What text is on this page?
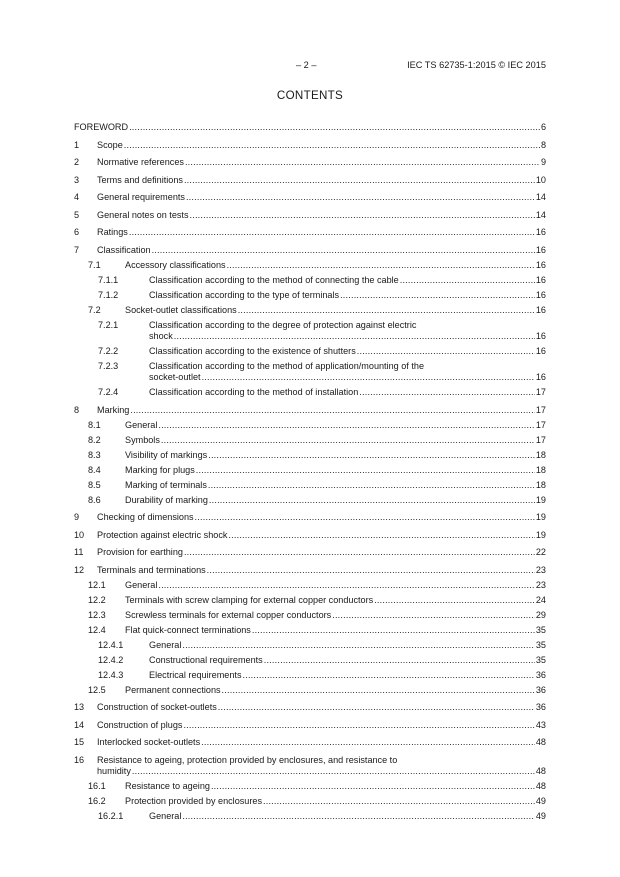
– 2 –	IEC TS 62735-1:2015 © IEC 2015
CONTENTS
FOREWORD .....	6
1 Scope .....	8
2 Normative references .....	9
3 Terms and definitions .....	10
4 General requirements .....	14
5 General notes on tests .....	14
6 Ratings .....	16
7 Classification .....	16
7.1	Accessory classifications .....	16
7.1.1	Classification according to the method of connecting the cable .....	16
7.1.2	Classification according to the type of terminals .....	16
7.2	Socket-outlet classifications .....	16
7.2.1	Classification according to the degree of protection against electric
shock .....	16
7.2.2	Classification according to the existence of shutters .....	16
7.2.3	Classification according to the method of application/mounting of the
socket-outlet .....	16
7.2.4	Classification according to the method of installation .....	17
8 Marking .....	17
8.1	General .....	17
8.2	Symbols .....	17
8.3	Visibility of markings .....	18
8.4	Marking for plugs .....	18
8.5	Marking of terminals .....	18
8.6	Durability of marking .....	19
9 Checking of dimensions .....	19
10 Protection against electric shock .....	19
11 Provision for earthing .....	22
12 Terminals and terminations .....	23
12.1 General .....	23
12.2 Terminals with screw clamping for external copper conductors .....	24
12.3 Screwless terminals for external copper conductors .....	29
12.4 Flat quick-connect terminations .....	35
12.4.1	General .....	35
12.4.2	Constructional requirements .....	35
12.4.3	Electrical requirements .....	36
12.5 Permanent connections .....	36
13 Construction of socket-outlets .....	36
14 Construction of plugs .....	43
15 Interlocked socket-outlets .....	48
16 Resistance to ageing, protection provided by enclosures, and resistance to
humidity .....	48
16.1 Resistance to ageing .....	48
16.2 Protection provided by enclosures .....	49
16.2.1	General .....	49
